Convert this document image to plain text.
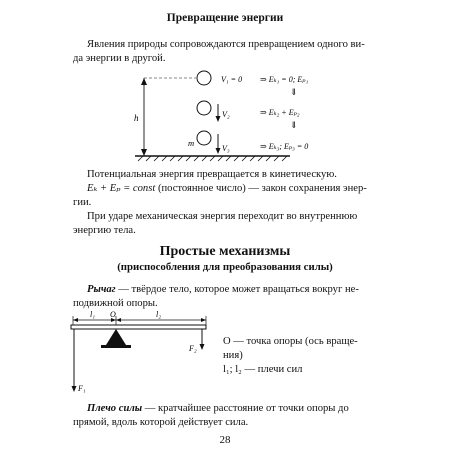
Превращение энергии
Явления природы сопровождаются превращением одного ви-
да энергии в другой.
h
m
V₁ = 0
V₂
V₃
⇒ Eₖ₁ = 0; Eₚ₁
⇓
⇒ Eₖ₂ + Eₚ₂
⇓
⇒ Eₖ₃; Eₚ₃ = 0
Потенциальная энергия превращается в кинетическую.
Eₖ + Eₚ = const (постоянное число) — закон сохранения энер-
гии.
При ударе механическая энергия переходит во внутреннюю
энергию тела.
Простые механизмы
(приспособления для преобразования силы)
Рычаг — твёрдое тело, которое может вращаться вокруг не-
подвижной опоры.
l₁	l₂
O
F₂
F₁
O — точка опоры (ось враще-
ния)
l₁; l₂ — плечи сил
Плечо силы — кратчайшее расстояние от точки опоры до
прямой, вдоль которой действует сила.
28
